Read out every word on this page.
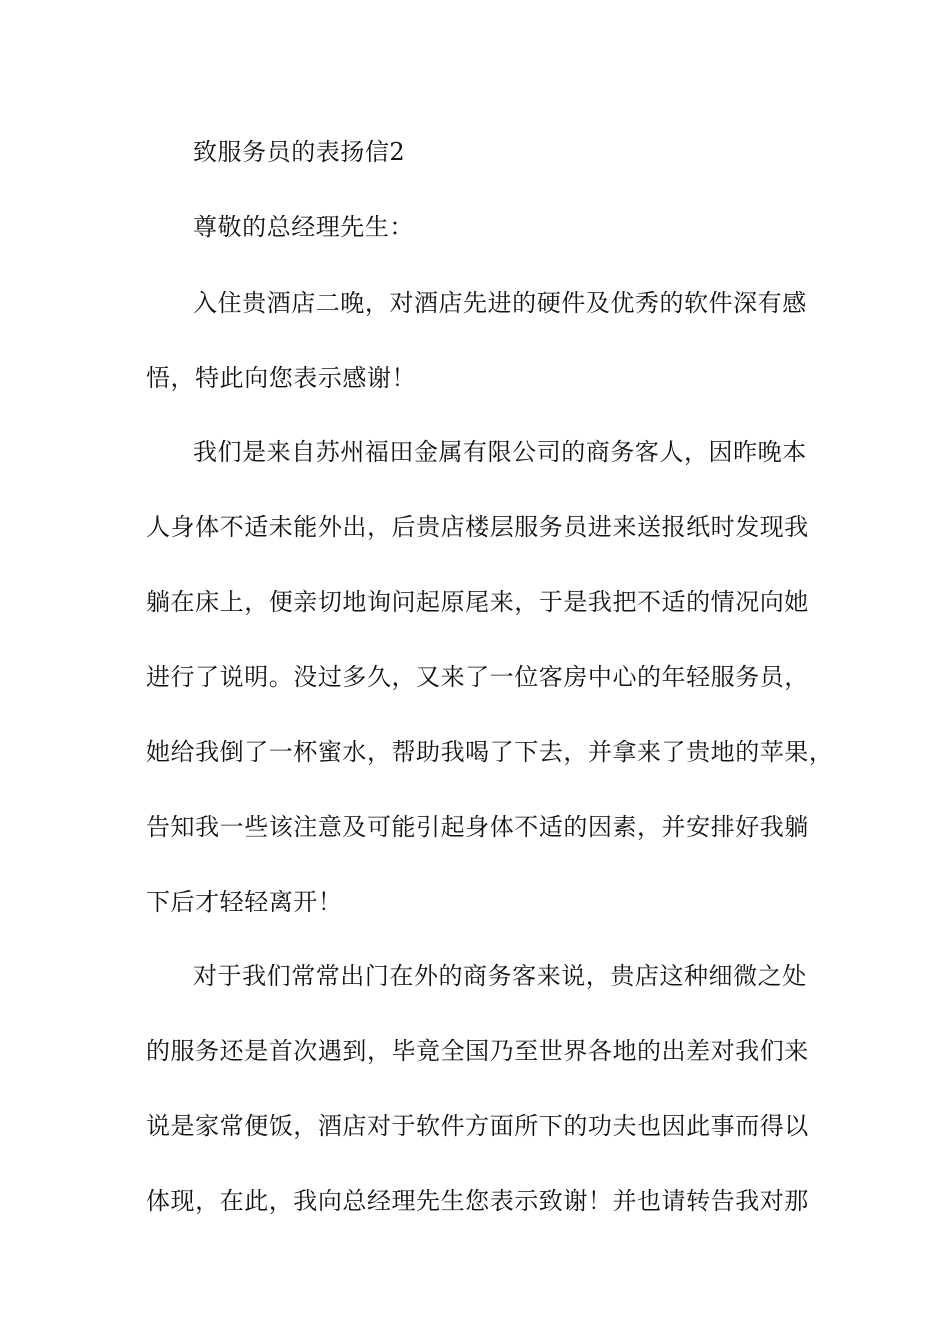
致服务员的表扬信2
尊敬的总经理先生：
入住贵酒店二晚，对酒店先进的硬件及优秀的软件深有感
悟，特此向您表示感谢！
我们是来自苏州福田金属有限公司的商务客人，因昨晚本
人身体不适未能外出，后贵店楼层服务员进来送报纸时发现我
躺在床上，便亲切地询问起原尾来，于是我把不适的情况向她
进行了说明。没过多久，又来了一位客房中心的年轻服务员，
她给我倒了一杯蜜水，帮助我喝了下去，并拿来了贵地的苹果，
告知我一些该注意及可能引起身体不适的因素，并安排好我躺
下后才轻轻离开！
对于我们常常出门在外的商务客来说，贵店这种细微之处
的服务还是首次遇到，毕竟全国乃至世界各地的出差对我们来
说是家常便饭，酒店对于软件方面所下的功夫也因此事而得以
体现，在此，我向总经理先生您表示致谢！并也请转告我对那
